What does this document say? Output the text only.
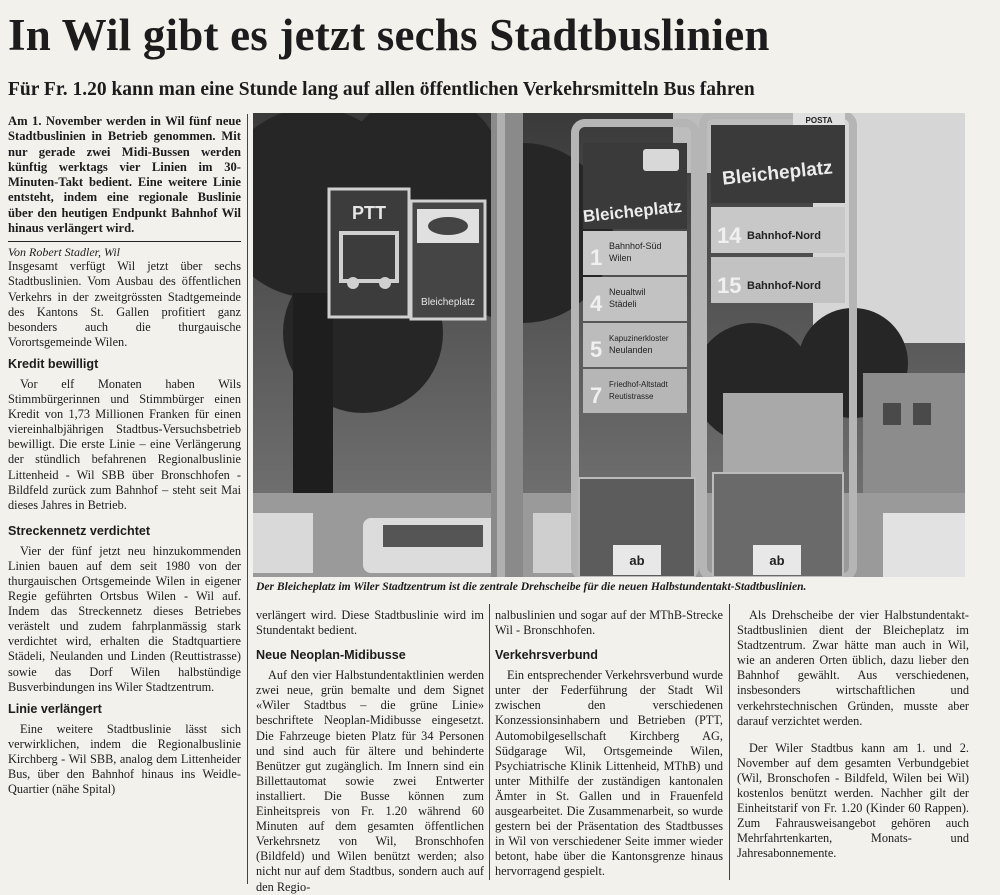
In Wil gibt es jetzt sechs Stadtbuslinien
Für Fr. 1.20 kann man eine Stunde lang auf allen öffentlichen Verkehrsmitteln Bus fahren

Am 1. November werden in Wil fünf neue Stadtbuslinien in Betrieb genommen. Mit nur gerade zwei Midi-Bussen werden künftig werktags vier Linien im 30-Minuten-Takt bedient. Eine weitere Linie entsteht, indem eine regionale Buslinie über den heutigen Endpunkt Bahnhof Wil hinaus verlängert wird.

Von Robert Stadler, Wil

Insgesamt verfügt Wil jetzt über sechs Stadtbuslinien. Vom Ausbau des öffentlichen Verkehrs in der zweitgrössten Stadtgemeinde des Kantons St. Gallen profitiert ganz besonders auch die thurgauische Vorortsgemeinde Wilen.

Kredit bewilligt

Vor elf Monaten haben Wils Stimmbürgerinnen und Stimmbürger einen Kredit von 1,73 Millionen Franken für einen viereinhalbjährigen Stadtbus-Versuchsbetrieb bewilligt. Die erste Linie – eine Verlängerung der stündlich befahrenen Regionalbuslinie Littenheid - Wil SBB über Bronschhofen - Bildfeld zurück zum Bahnhof – steht seit Mai dieses Jahres in Betrieb.

Streckennetz verdichtet

Vier der fünf jetzt neu hinzukommenden Linien bauen auf dem seit 1980 von der thurgauischen Ortsgemeinde Wilen in eigener Regie geführten Ortsbus Wilen - Wil auf. Indem das Streckennetz dieses Betriebes verästelt und zudem fahrplanmässig stark verdichtet wird, erhalten die Stadtquartiere Städeli, Neulanden und Linden (Reuttistrasse) sowie das Dorf Wilen halbstündige Busverbindungen ins Wiler Stadtzentrum.

Linie verlängert

Eine weitere Stadtbuslinie lässt sich verwirklichen, indem die Regionalbuslinie Kirchberg - Wil SBB, analog dem Littenheider Bus, über den Bahnhof hinaus ins Weidle-Quartier (nähe Spital)

PTT
Bleicheplatz
Bleicheplatz
1 Bahnhof-Süd
Wilen
4 Neualtwil
Städeli
5 Kapuzinerkloster
Neulanden
7 Friedhof-Altstadt
Reutistrasse
POSTA
Bleicheplatz
14 Bahnhof-Nord
15 Bahnhof-Nord
ab	ab
Der Bleicheplatz im Wiler Stadtzentrum ist die zentrale Drehscheibe für die neuen Halbstundentakt-Stadtbuslinien.

verlängert wird. Diese Stadtbuslinie wird im Stundentakt bedient.

Neue Neoplan-Midibusse

Auf den vier Halbstundentaktlinien werden zwei neue, grün bemalte und dem Signet «Wiler Stadtbus – die grüne Linie» beschriftete Neoplan-Midibusse eingesetzt. Die Fahrzeuge bieten Platz für 34 Personen und sind auch für ältere und behinderte Benützer gut zugänglich. Im Innern sind ein Billettautomat sowie zwei Entwerter installiert. Die Busse können zum Einheitspreis von Fr. 1.20 während 60 Minuten auf dem gesamten öffentlichen Verkehrsnetz von Wil, Bronschhofen (Bildfeld) und Wilen benützt werden; also nicht nur auf dem Stadtbus, sondern auch auf den Regio-

nalbuslinien und sogar auf der MThB-Strecke Wil - Bronschhofen.

Verkehrsverbund

Ein entsprechender Verkehrsverbund wurde unter der Federführung der Stadt Wil zwischen den verschiedenen Konzessionsinhabern und Betrieben (PTT, Automobilgesellschaft Kirchberg AG, Südgarage Wil, Ortsgemeinde Wilen, Psychiatrische Klinik Littenheid, MThB) und unter Mithilfe der zuständigen kantonalen Ämter in St. Gallen und in Frauenfeld ausgearbeitet. Die Zusammenarbeit, so wurde gestern bei der Präsentation des Stadtbusses in Wil von verschiedener Seite immer wieder betont, habe über die Kantonsgrenze hinaus hervorragend gespielt.

Als Drehscheibe der vier Halbstundentakt-Stadtbuslinien dient der Bleicheplatz im Stadtzentrum. Zwar hätte man auch in Wil, wie an anderen Orten üblich, dazu lieber den Bahnhof gewählt. Aus verschiedenen, insbesonders wirtschaftlichen und verkehrstechnischen Gründen, musste aber darauf verzichtet werden.

Der Wiler Stadtbus kann am 1. und 2. November auf dem gesamten Verbundgebiet (Wil, Bronschofen - Bildfeld, Wilen bei Wil) kostenlos benützt werden. Nachher gilt der Einheitstarif von Fr. 1.20 (Kinder 60 Rappen). Zum Fahrausweisangebot gehören auch Mehrfahrtenkarten, Monats- und Jahresabonnemente.
